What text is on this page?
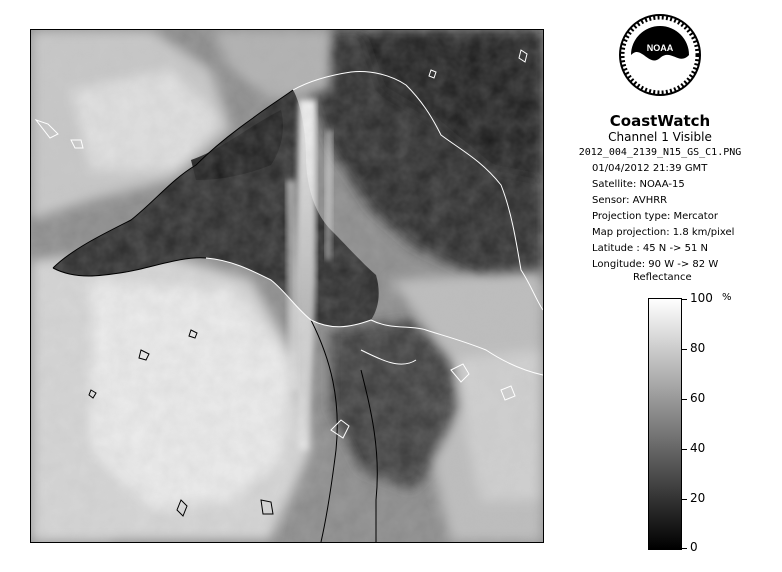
NOAA
CoastWatch
Channel 1 Visible
2012_004_2139_N15_GS_C1.PNG
01/04/2012 21:39 GMT
Satellite: NOAA-15
Sensor: AVHRR
Projection type: Mercator
Map projection: 1.8 km/pixel
Latitude : 45 N -> 51 N
Longitude: 90 W -> 82 W
Reflectance
%
100
80
60
40
20
0
